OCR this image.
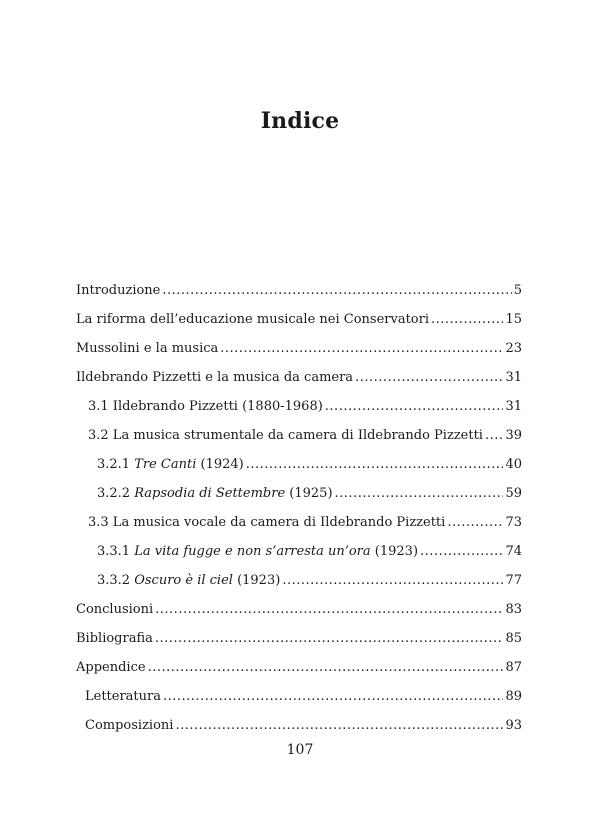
Indice
Introduzione .....	5
La riforma dell’educazione musicale nei Conservatori .....	15
Mussolini e la musica .....	23
Ildebrando Pizzetti e la musica da camera .....	31
3.1 Ildebrando Pizzetti (1880-1968) .....	31
3.2 La musica strumentale da camera di Ildebrando Pizzetti ..... 39
3.2.1 Tre Canti (1924) .....	40
3.2.2 Rapsodia di Settembre (1925) .....	59
3.3 La musica vocale da camera di Ildebrando Pizzetti .....	73
3.3.1 La vita fugge e non s’arresta un’ora (1923) .....	74
3.3.2 Oscuro è il ciel (1923) .....	77
Conclusioni .....	83
Bibliografia .....	85
Appendice .....	87
Letteratura .....	89
Composizioni .....	93
107
